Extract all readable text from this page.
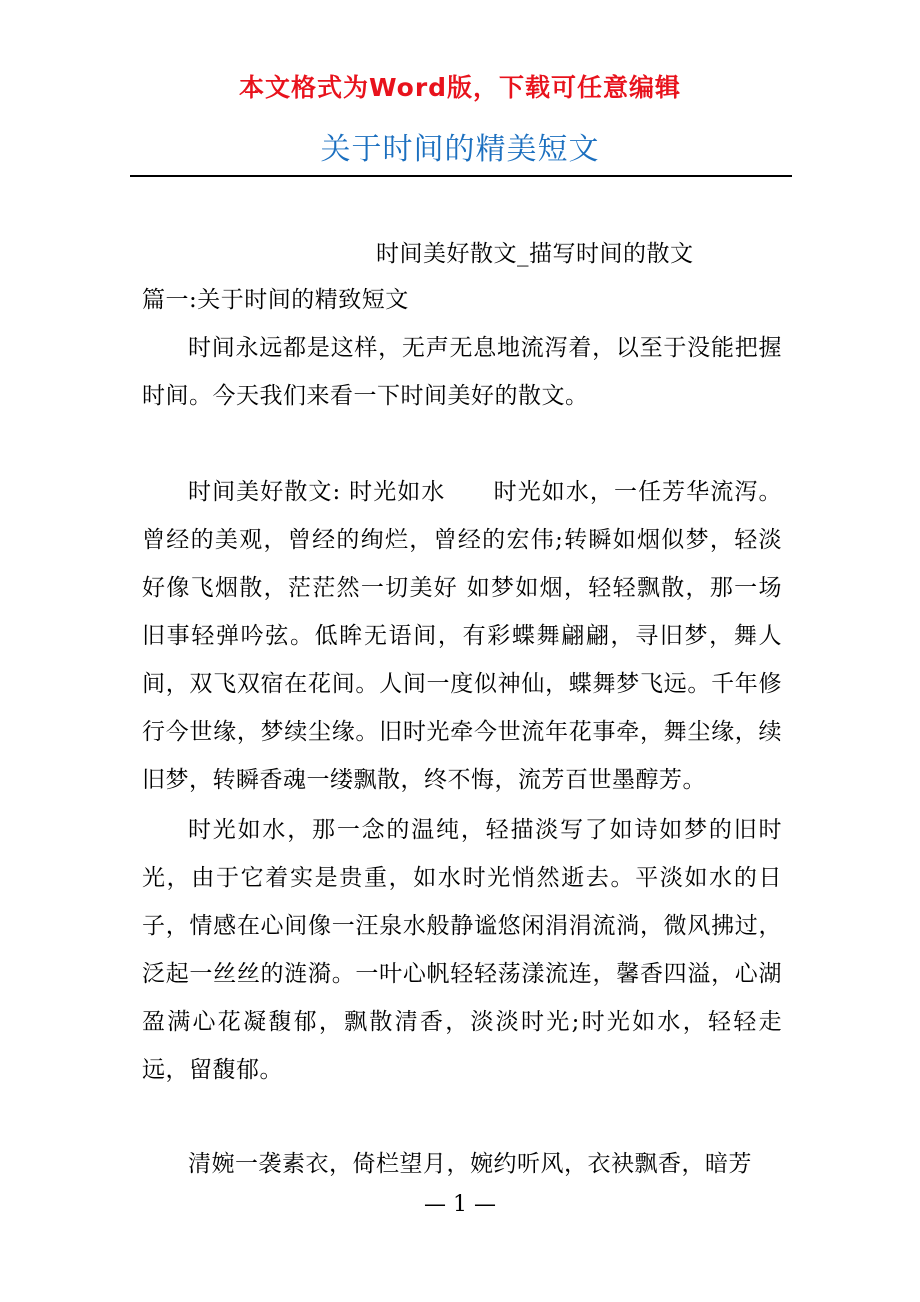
本文格式为Word版，下载可任意编辑
关于时间的精美短文
时间美好散文_描写时间的散文
篇一:关于时间的精致短文

时间永远都是这样，无声无息地流泻着，以至于没能把握时间。今天我们来看一下时间美好的散文。

时间美好散文: 时光如水　　时光如水，一任芳华流泻。曾经的美观，曾经的绚烂，曾经的宏伟;转瞬如烟似梦，轻淡好像飞烟散，茫茫然一切美好 如梦如烟，轻轻飘散，那一场旧事轻弹吟弦。低眸无语间，有彩蝶舞翩翩，寻旧梦，舞人间，双飞双宿在花间。人间一度似神仙，蝶舞梦飞远。千年修行今世缘，梦续尘缘。旧时光牵今世流年花事牵，舞尘缘，续旧梦，转瞬香魂一缕飘散，终不悔，流芳百世墨醇芳。

时光如水，那一念的温纯，轻描淡写了如诗如梦的旧时光，由于它着实是贵重，如水时光悄然逝去。平淡如水的日子，情感在心间像一汪泉水般静谧悠闲涓涓流淌，微风拂过，泛起一丝丝的涟漪。一叶心帆轻轻荡漾流连，馨香四溢，心湖盈满心花凝馥郁，飘散清香，淡淡时光;时光如水，轻轻走远，留馥郁。

清婉一袭素衣，倚栏望月，婉约听风，衣袂飘香，暗芳

— 1 —
